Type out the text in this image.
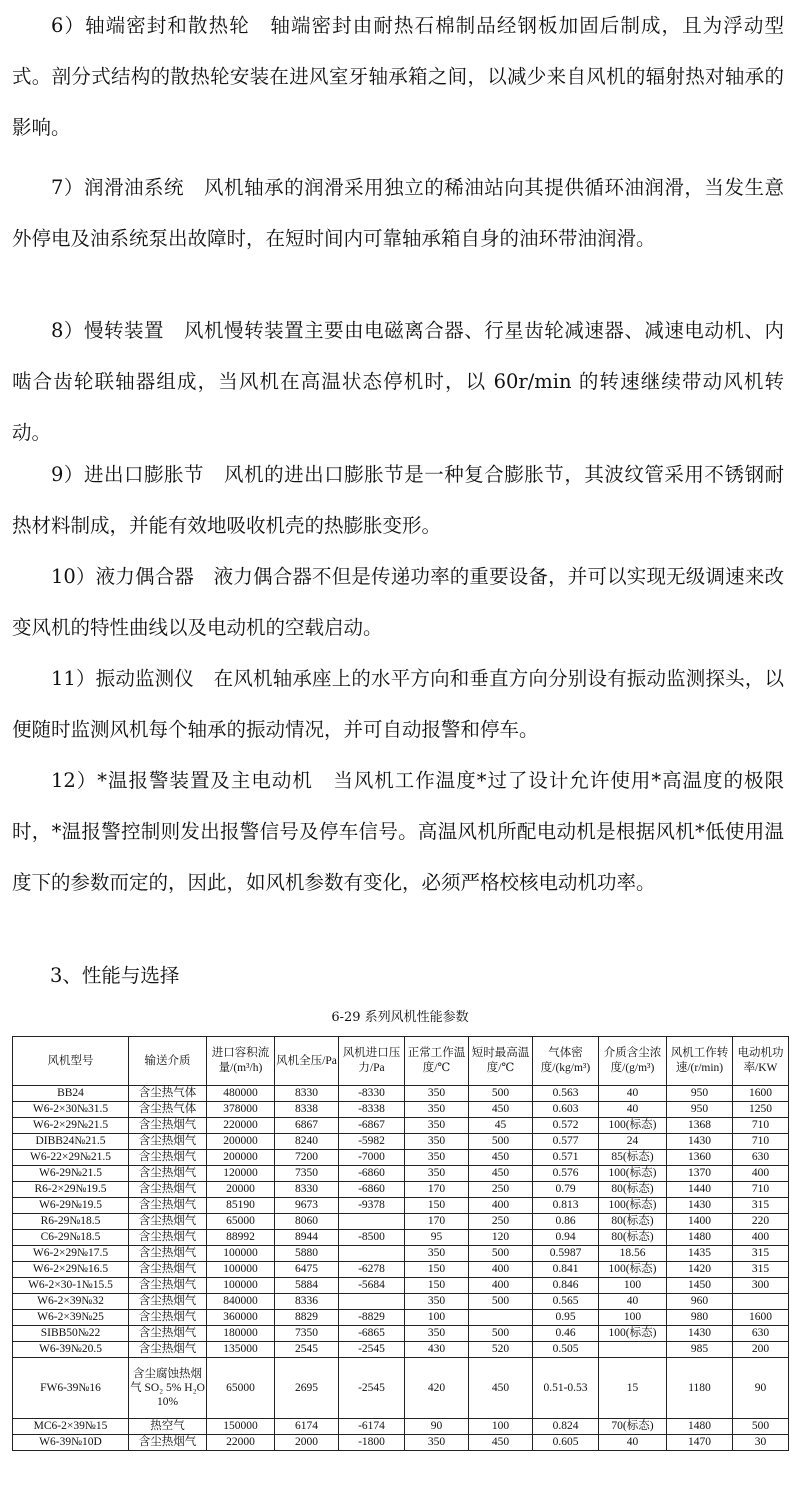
6）轴端密封和散热轮　轴端密封由耐热石棉制品经钢板加固后制成，且为浮动型式。剖分式结构的散热轮安装在进风室牙轴承箱之间，以减少来自风机的辐射热对轴承的影响。

7）润滑油系统　风机轴承的润滑采用独立的稀油站向其提供循环油润滑，当发生意外停电及油系统泵出故障时，在短时间内可靠轴承箱自身的油环带油润滑。

8）慢转装置　风机慢转装置主要由电磁离合器、行星齿轮减速器、减速电动机、内啮合齿轮联轴器组成，当风机在高温状态停机时，以 60r/min 的转速继续带动风机转动。

9）进出口膨胀节　风机的进出口膨胀节是一种复合膨胀节，其波纹管采用不锈钢耐热材料制成，并能有效地吸收机壳的热膨胀变形。

10）液力偶合器　液力偶合器不但是传递功率的重要设备，并可以实现无级调速来改变风机的特性曲线以及电动机的空载启动。

11）振动监测仪　在风机轴承座上的水平方向和垂直方向分别设有振动监测探头，以便随时监测风机每个轴承的振动情况，并可自动报警和停车。

12）*温报警装置及主电动机　当风机工作温度*过了设计允许使用*高温度的极限时，*温报警控制则发出报警信号及停车信号。高温风机所配电动机是根据风机*低使用温度下的参数而定的，因此，如风机参数有变化，必须严格校核电动机功率。

3、性能与选择

6-29 系列风机性能参数
风机型号	输送介质	进口容积流量/(m³/h)	风机全压/Pa	风机进口压力/Pa	正常工作温度/℃	短时最高温度/℃	气体密度/(kg/m³)	介质含尘浓度/(g/m³)	风机工作转速/(r/min)	电动机功率/KW
BB24	含尘热气体	480000	8330	-8330	350	500	0.563	40	950	1600
W6-2×30№31.5	含尘热气体	378000	8338	-8338	350	450	0.603	40	950	1250
W6-2×29№21.5	含尘热烟气	220000	6867	-6867	350	45	0.572	100(标态)	1368	710
DIBB24№21.5	含尘热烟气	200000	8240	-5982	350	500	0.577	24	1430	710
W6-22×29№21.5	含尘热烟气	200000	7200	-7000	350	450	0.571	85(标态)	1360	630
W6-29№21.5	含尘热烟气	120000	7350	-6860	350	450	0.576	100(标态)	1370	400
R6-2×29№19.5	含尘热烟气	20000	8330	-6860	170	250	0.79	80(标态)	1440	710
W6-29№19.5	含尘热烟气	85190	9673	-9378	150	400	0.813	100(标态)	1430	315
R6-29№18.5	含尘热烟气	65000	8060		170	250	0.86	80(标态)	1400	220
C6-29№18.5	含尘热烟气	88992	8944	-8500	95	120	0.94	80(标态)	1480	400
W6-2×29№17.5	含尘热烟气	100000	5880		350	500	0.5987	18.56	1435	315
W6-2×29№16.5	含尘热烟气	100000	6475	-6278	150	400	0.841	100(标态)	1420	315
W6-2×30-1№15.5	含尘热烟气	100000	5884	-5684	150	400	0.846	100	1450	300
W6-2×39№32	含尘热烟气	840000	8336		350	500	0.565	40	960	
W6-2×39№25	含尘热烟气	360000	8829	-8829	100		0.95	100	980	1600
SIBB50№22	含尘热烟气	180000	7350	-6865	350	500	0.46	100(标态)	1430	630
W6-39№20.5	含尘热烟气	135000	2545	-2545	430	520	0.505		985	200
FW6-39№16	含尘腐蚀热烟气 SO₂ 5% H₂O 10%	65000	2695	-2545	420	450	0.51-0.53	15	1180	90
MC6-2×39№15	热空气	150000	6174	-6174	90	100	0.824	70(标态)	1480	500
W6-39№10D	含尘热烟气	22000	2000	-1800	350	450	0.605	40	1470	30
